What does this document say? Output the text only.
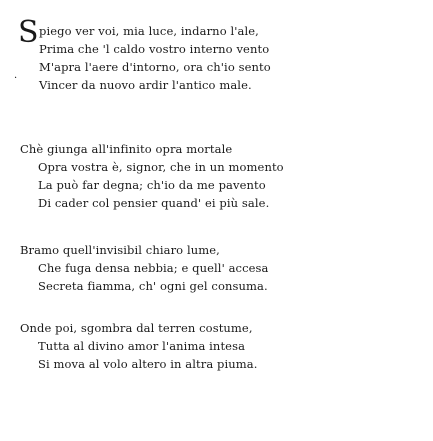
S piego ver voi, mia luce, indarno l'ale,
Prima che 'l caldo vostro interno vento
M'apra l'aere d'intorno, ora ch'io sento
· Vincer da nuovo ardir l'antico male.
Chè giunga all'infinito opra mortale
Opra vostra è, signor, che in un momento
La può far degna; ch'io da me pavento
Di cader col pensier quand' ei più sale.
Bramo quell'invisibil chiaro lume,
Che fuga densa nebbia; e quell' accesa
Secreta fiamma, ch' ogni gel consuma.
Onde poi, sgombra dal terren costume,
Tutta al divino amor l'anima intesa
Si mova al volo altero in altra piuma.
